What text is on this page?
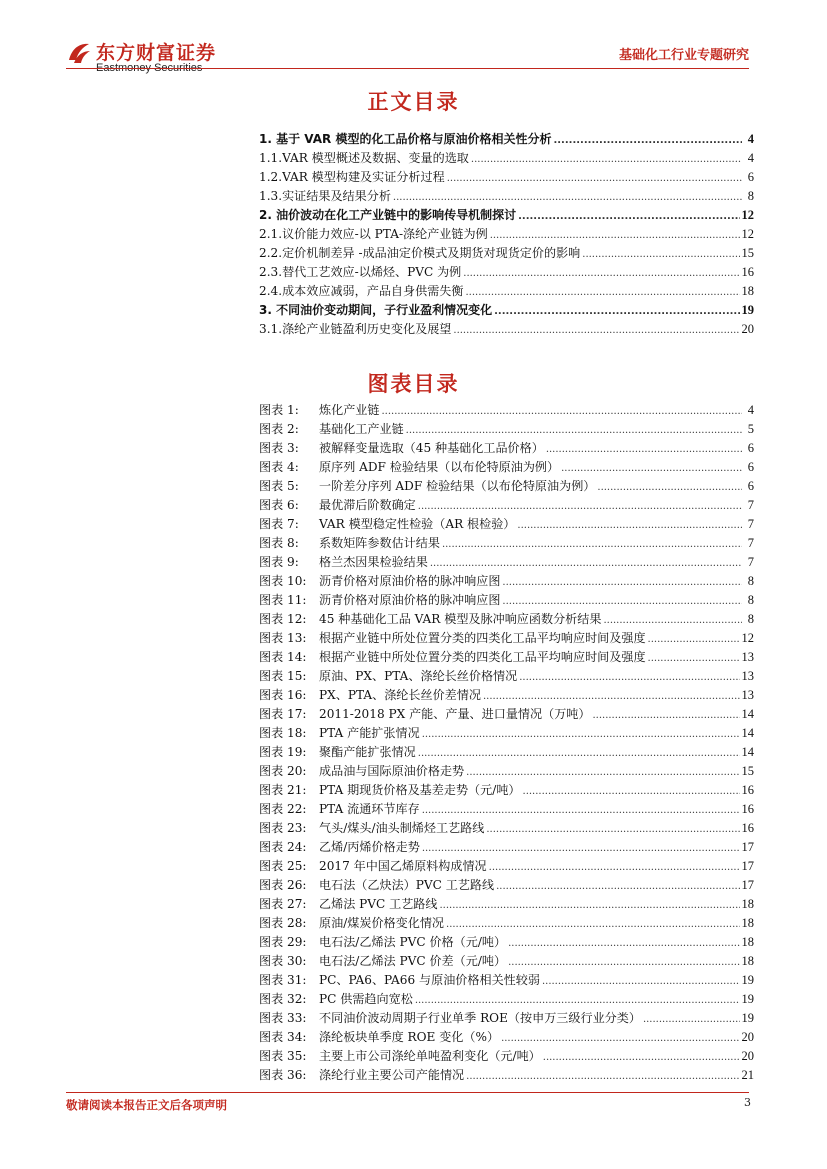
东方财富证券
Eastmoney Securities
基础化工行业专题研究
正文目录
1. 基于 VAR 模型的化工品价格与原油价格相关性分析 .....	4
1.1.VAR 模型概述及数据、变量的选取 .....	4
1.2.VAR 模型构建及实证分析过程 .....	6
1.3.实证结果及结果分析 .....	8
2. 油价波动在化工产业链中的影响传导机制探讨 .....	12
2.1.议价能力效应-以 PTA-涤纶产业链为例 .....	12
2.2.定价机制差异 -成品油定价模式及期货对现货定价的影响 .....	15
2.3.替代工艺效应-以烯烃、PVC 为例 .....	16
2.4.成本效应减弱，产品自身供需失衡 .....	18
3. 不同油价变动期间，子行业盈利情况变化 .....	19
3.1.涤纶产业链盈利历史变化及展望 .....	20
图表目录
图表 1:	炼化产业链 .....	4
图表 2:	基础化工产业链 .....	5
图表 3:	被解释变量选取（45 种基础化工品价格） .....	6
图表 4:	原序列 ADF 检验结果（以布伦特原油为例） .....	6
图表 5:	一阶差分序列 ADF 检验结果（以布伦特原油为例） .....	6
图表 6:	最优滞后阶数确定 .....	7
图表 7:	VAR 模型稳定性检验（AR 根检验） .....	7
图表 8:	系数矩阵参数估计结果 .....	7
图表 9:	格兰杰因果检验结果 .....	7
图表 10:	沥青价格对原油价格的脉冲响应图 .....	8
图表 11:	沥青价格对原油价格的脉冲响应图 .....	8
图表 12:	45 种基础化工品 VAR 模型及脉冲响应函数分析结果 .....	8
图表 13:	根据产业链中所处位置分类的四类化工品平均响应时间及强度 .....	12
图表 14:	根据产业链中所处位置分类的四类化工品平均响应时间及强度 .....	13
图表 15:	原油、PX、PTA、涤纶长丝价格情况 .....	13
图表 16:	PX、PTA、涤纶长丝价差情况 .....	13
图表 17:	2011-2018 PX 产能、产量、进口量情况（万吨） .....	14
图表 18:	PTA 产能扩张情况 .....	14
图表 19:	聚酯产能扩张情况 .....	14
图表 20:	成品油与国际原油价格走势 .....	15
图表 21:	PTA 期现货价格及基差走势（元/吨） .....	16
图表 22:	PTA 流通环节库存 .....	16
图表 23:	气头/煤头/油头制烯烃工艺路线 .....	16
图表 24:	乙烯/丙烯价格走势 .....	17
图表 25:	2017 年中国乙烯原料构成情况 .....	17
图表 26:	电石法（乙炔法）PVC 工艺路线 .....	17
图表 27:	乙烯法 PVC 工艺路线 .....	18
图表 28:	原油/煤炭价格变化情况 .....	18
图表 29:	电石法/乙烯法 PVC 价格（元/吨） .....	18
图表 30:	电石法/乙烯法 PVC 价差（元/吨） .....	18
图表 31:	PC、PA6、PA66 与原油价格相关性较弱 .....	19
图表 32:	PC 供需趋向宽松 .....	19
图表 33:	不同油价波动周期子行业单季 ROE（按申万三级行业分类） .....	19
图表 34:	涤纶板块单季度 ROE 变化（%） .....	20
图表 35:	主要上市公司涤纶单吨盈利变化（元/吨） .....	20
图表 36:	涤纶行业主要公司产能情况 .....	21
敬请阅读本报告正文后各项声明	3
